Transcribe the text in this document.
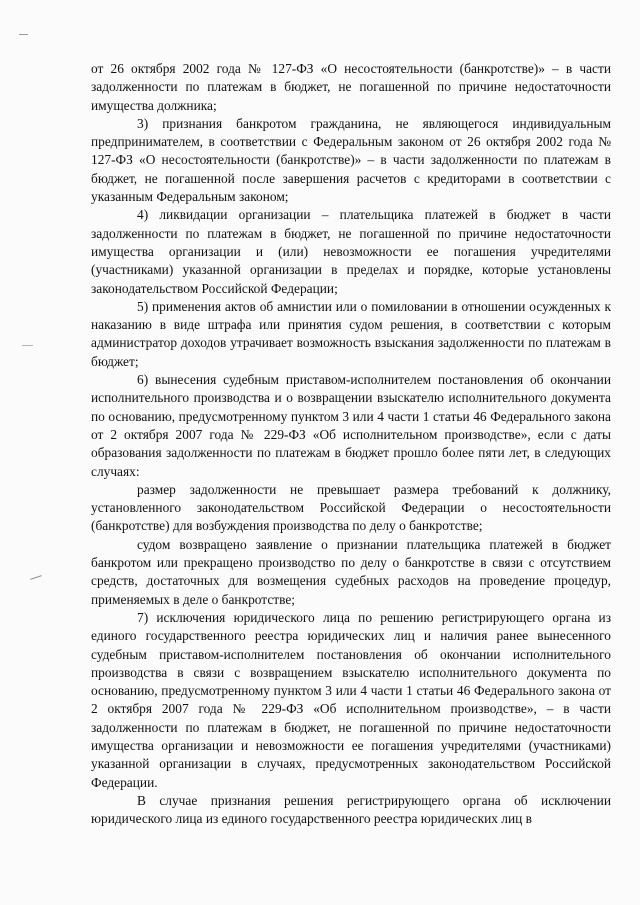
от 26 октября 2002 года № 127-ФЗ «О несостоятельности (банкротстве)» – в части задолженности по платежам в бюджет, не погашенной по причине недостаточности имущества должника;

3) признания банкротом гражданина, не являющегося индивидуальным предпринимателем, в соответствии с Федеральным законом от 26 октября 2002 года № 127-ФЗ «О несостоятельности (банкротстве)» – в части задолженности по платежам в бюджет, не погашенной после завершения расчетов с кредиторами в соответствии с указанным Федеральным законом;

4) ликвидации организации – плательщика платежей в бюджет в части задолженности по платежам в бюджет, не погашенной по причине недостаточности имущества организации и (или) невозможности ее погашения учредителями (участниками) указанной организации в пределах и порядке, которые установлены законодательством Российской Федерации;

5) применения актов об амнистии или о помиловании в отношении осужденных к наказанию в виде штрафа или принятия судом решения, в соответствии с которым администратор доходов утрачивает возможность взыскания задолженности по платежам в бюджет;

6) вынесения судебным приставом-исполнителем постановления об окончании исполнительного производства и о возвращении взыскателю исполнительного документа по основанию, предусмотренному пунктом 3 или 4 части 1 статьи 46 Федерального закона от 2 октября 2007 года № 229-ФЗ «Об исполнительном производстве», если с даты образования задолженности по платежам в бюджет прошло более пяти лет, в следующих случаях:

размер задолженности не превышает размера требований к должнику, установленного законодательством Российской Федерации о несостоятельности (банкротстве) для возбуждения производства по делу о банкротстве;

судом возвращено заявление о признании плательщика платежей в бюджет банкротом или прекращено производство по делу о банкротстве в связи с отсутствием средств, достаточных для возмещения судебных расходов на проведение процедур, применяемых в деле о банкротстве;

7) исключения юридического лица по решению регистрирующего органа из единого государственного реестра юридических лиц и наличия ранее вынесенного судебным приставом-исполнителем постановления об окончании исполнительного производства в связи с возвращением взыскателю исполнительного документа по основанию, предусмотренному пунктом 3 или 4 части 1 статьи 46 Федерального закона от 2 октября 2007 года № 229-ФЗ «Об исполнительном производстве», – в части задолженности по платежам в бюджет, не погашенной по причине недостаточности имущества организации и невозможности ее погашения учредителями (участниками) указанной организации в случаях, предусмотренных законодательством Российской Федерации.

В случае признания решения регистрирующего органа об исключении юридического лица из единого государственного реестра юридических лиц в
